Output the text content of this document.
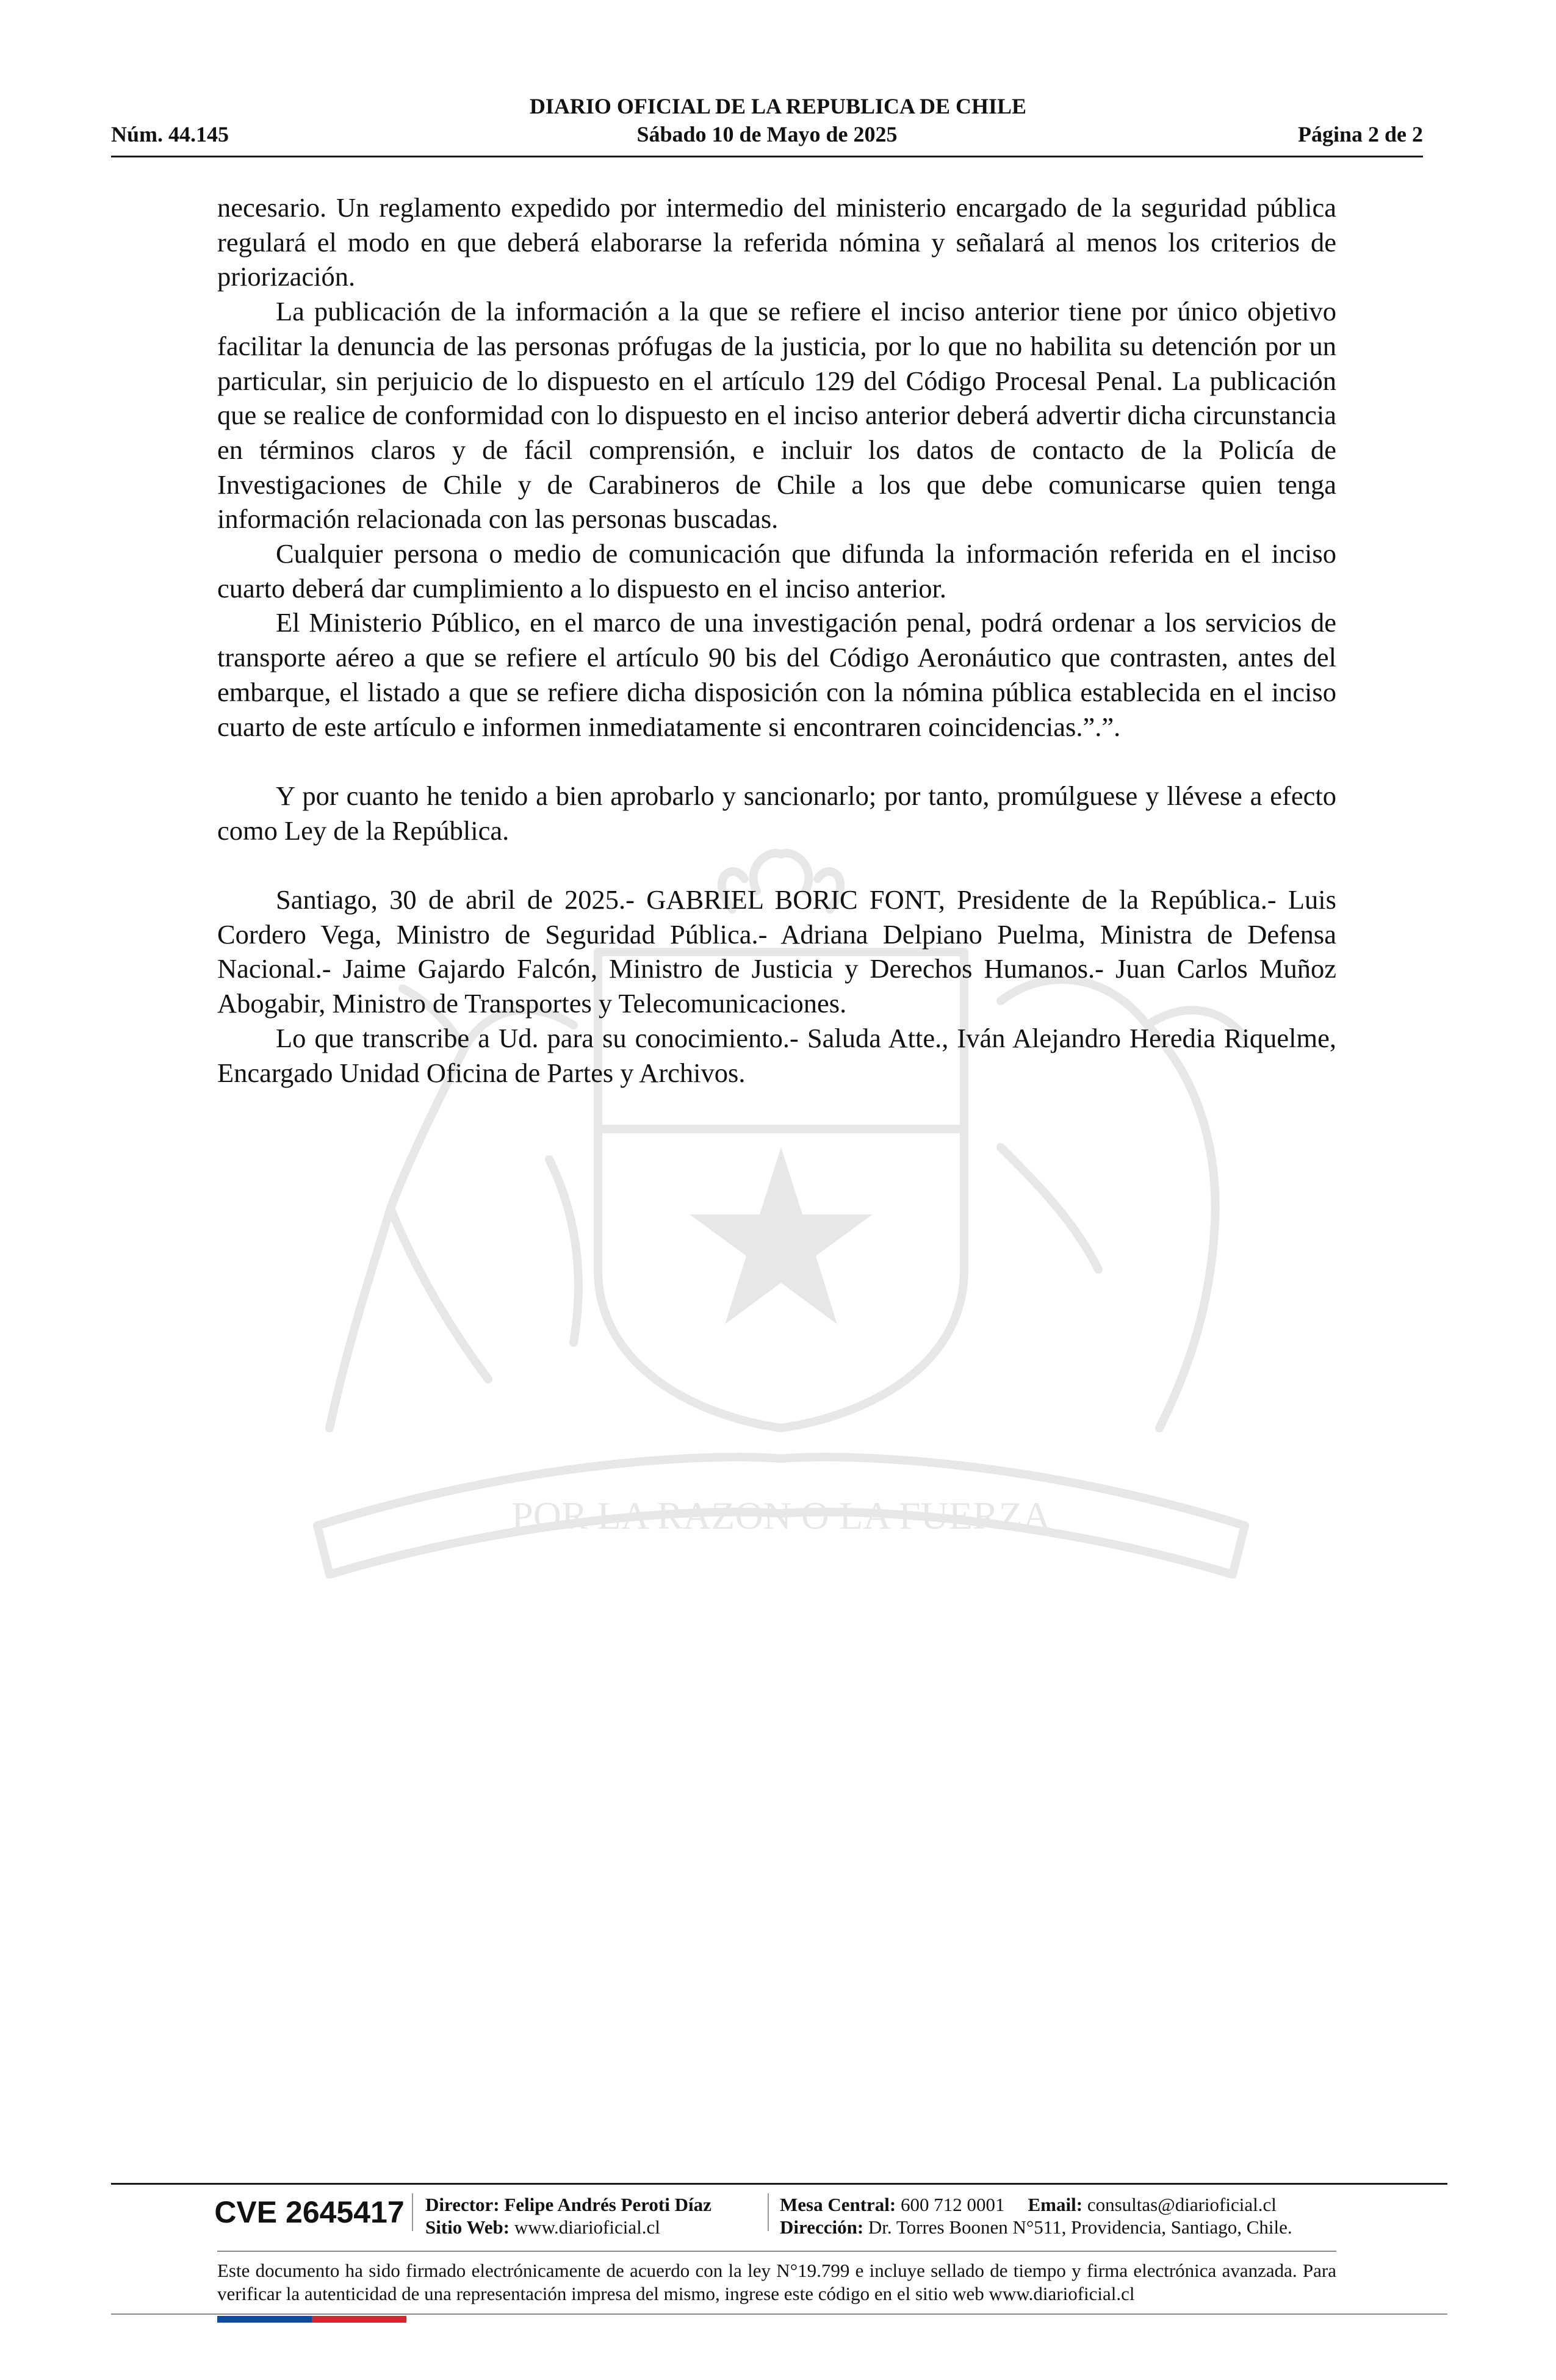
DIARIO OFICIAL DE LA REPUBLICA DE CHILE
Núm. 44.145	Sábado 10 de Mayo de 2025	Página 2 de 2
POR LA RAZON O LA FUERZA

necesario. Un reglamento expedido por intermedio del ministerio encargado de la seguridad pública regulará el modo en que deberá elaborarse la referida nómina y señalará al menos los criterios de priorización.

La publicación de la información a la que se refiere el inciso anterior tiene por único objetivo facilitar la denuncia de las personas prófugas de la justicia, por lo que no habilita su detención por un particular, sin perjuicio de lo dispuesto en el artículo 129 del Código Procesal Penal. La publicación que se realice de conformidad con lo dispuesto en el inciso anterior deberá advertir dicha circunstancia en términos claros y de fácil comprensión, e incluir los datos de contacto de la Policía de Investigaciones de Chile y de Carabineros de Chile a los que debe comunicarse quien tenga información relacionada con las personas buscadas.

Cualquier persona o medio de comunicación que difunda la información referida en el inciso cuarto deberá dar cumplimiento a lo dispuesto en el inciso anterior.

El Ministerio Público, en el marco de una investigación penal, podrá ordenar a los servicios de transporte aéreo a que se refiere el artículo 90 bis del Código Aeronáutico que contrasten, antes del embarque, el listado a que se refiere dicha disposición con la nómina pública establecida en el inciso cuarto de este artículo e informen inmediatamente si encontraren coincidencias.”.”.

Y por cuanto he tenido a bien aprobarlo y sancionarlo; por tanto, promúlguese y llévese a efecto como Ley de la República.

Santiago, 30 de abril de 2025.- GABRIEL BORIC FONT, Presidente de la República.- Luis Cordero Vega, Ministro de Seguridad Pública.- Adriana Delpiano Puelma, Ministra de Defensa Nacional.- Jaime Gajardo Falcón, Ministro de Justicia y Derechos Humanos.- Juan Carlos Muñoz Abogabir, Ministro de Transportes y Telecomunicaciones.

Lo que transcribe a Ud. para su conocimiento.- Saluda Atte., Iván Alejandro Heredia Riquelme, Encargado Unidad Oficina de Partes y Archivos.

CVE 2645417	Director: Felipe Andrés Peroti Díaz
Sitio Web: www.diarioficial.cl
Mesa Central: 600 712 0001 Email: consultas@diarioficial.cl
Dirección: Dr. Torres Boonen N°511, Providencia, Santiago, Chile.
Este documento ha sido firmado electrónicamente de acuerdo con la ley N°19.799 e incluye sellado de tiempo y firma electrónica avanzada. Para verificar la autenticidad de una representación impresa del mismo, ingrese este código en el sitio web www.diarioficial.cl
